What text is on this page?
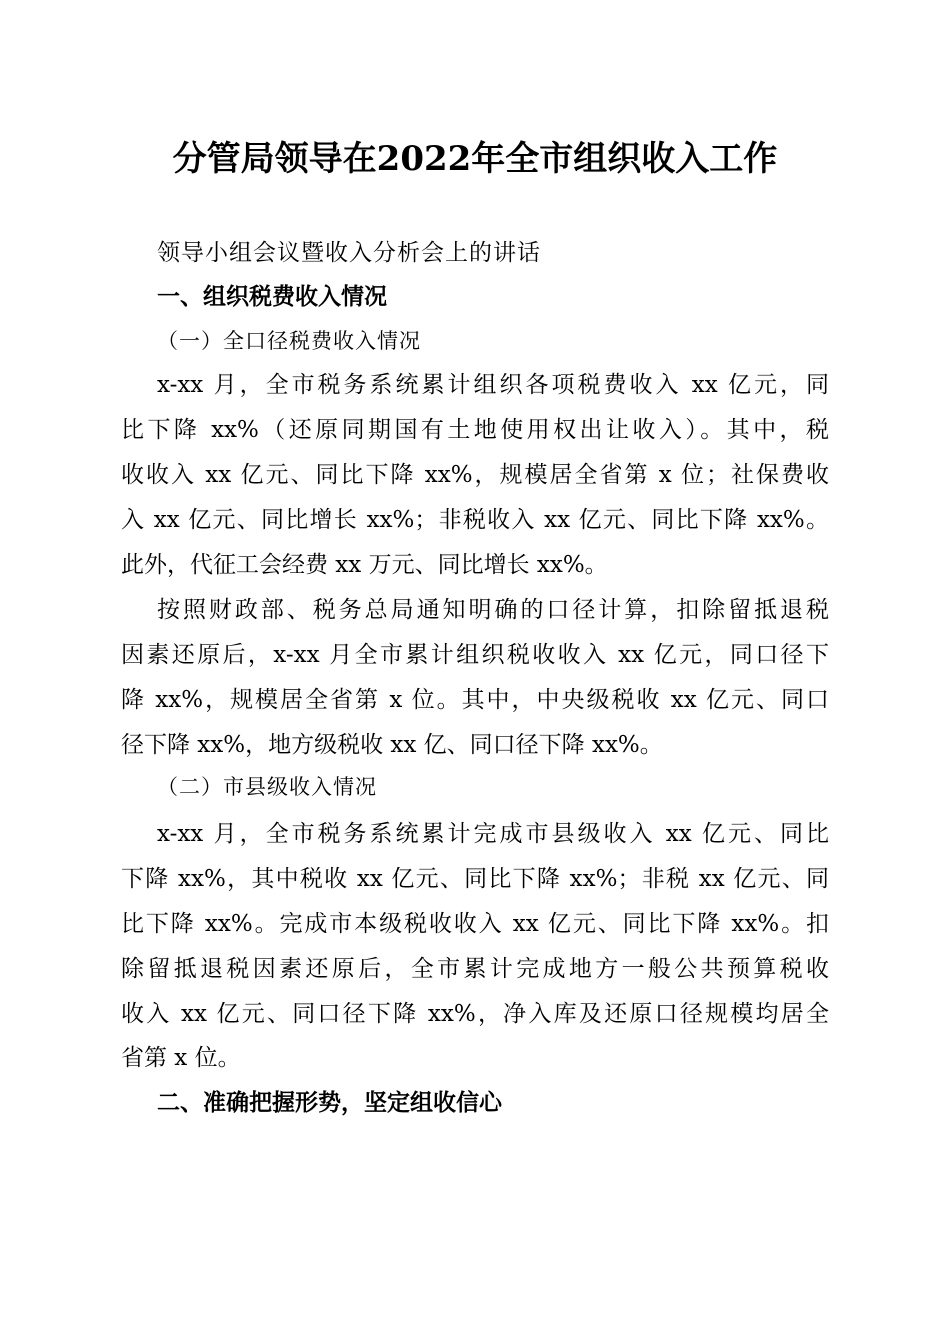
分管局领导在2022年全市组织收入工作
领导小组会议暨收入分析会上的讲话
一、组织税费收入情况
（一）全口径税费收入情况
x-xx 月，全市税务系统累计组织各项税费收入 xx 亿元，同
比下降 xx%（还原同期国有土地使用权出让收入）。其中，税
收收入 xx 亿元、同比下降 xx%，规模居全省第 x 位；社保费收
入 xx 亿元、同比增长 xx%；非税收入 xx 亿元、同比下降 xx%。
此外，代征工会经费 xx 万元、同比增长 xx%。
按照财政部、税务总局通知明确的口径计算，扣除留抵退税
因素还原后，x-xx 月全市累计组织税收收入 xx 亿元，同口径下
降 xx%，规模居全省第 x 位。其中，中央级税收 xx 亿元、同口
径下降 xx%，地方级税收 xx 亿、同口径下降 xx%。
（二）市县级收入情况
x-xx 月，全市税务系统累计完成市县级收入 xx 亿元、同比
下降 xx%，其中税收 xx 亿元、同比下降 xx%；非税 xx 亿元、同
比下降 xx%。完成市本级税收收入 xx 亿元、同比下降 xx%。扣
除留抵退税因素还原后，全市累计完成地方一般公共预算税收
收入 xx 亿元、同口径下降 xx%，净入库及还原口径规模均居全
省第 x 位。
二、准确把握形势，坚定组收信心
